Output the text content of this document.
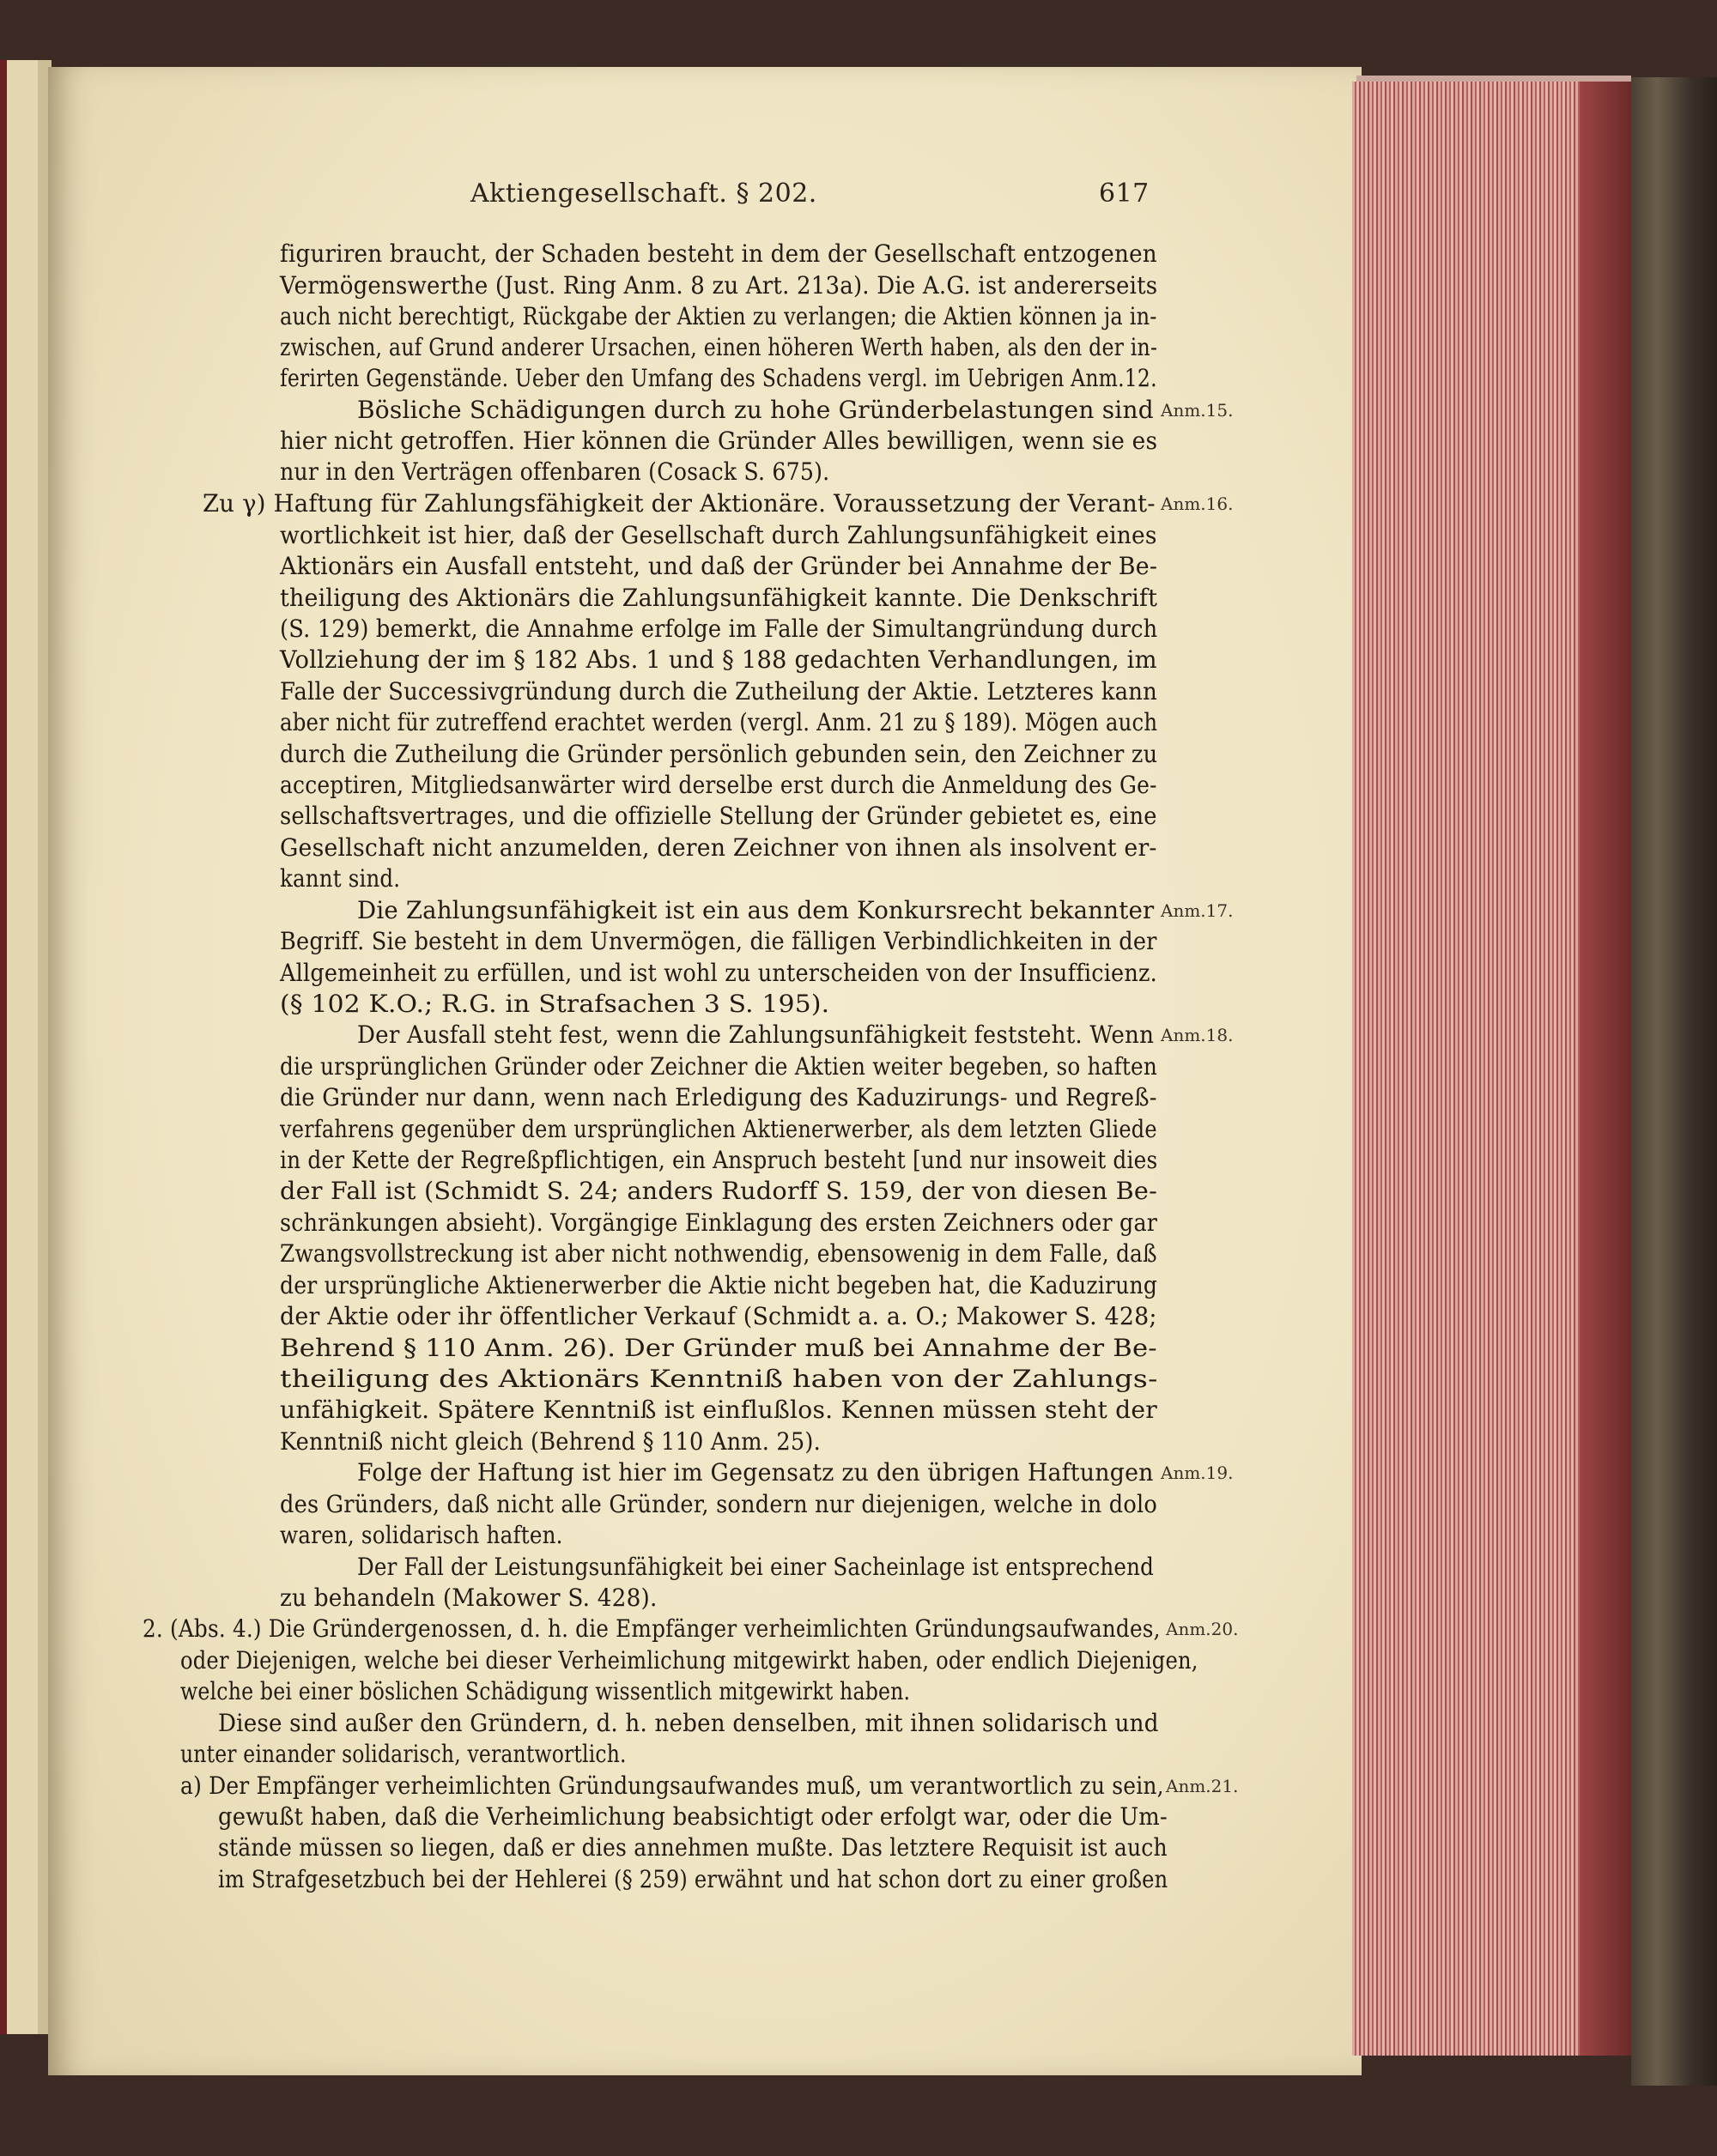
Aktiengesellschaft. § 202.	617
figuriren braucht, der Schaden besteht in dem der Gesellschaft entzogenen
Vermögenswerthe (Just. Ring Anm. 8 zu Art. 213a). Die A.G. ist andererseits
auch nicht berechtigt, Rückgabe der Aktien zu verlangen; die Aktien können ja in-
zwischen, auf Grund anderer Ursachen, einen höheren Werth haben, als den der in-
ferirten Gegenstände. Ueber den Umfang des Schadens vergl. im Uebrigen Anm.12.
Bösliche Schädigungen durch zu hohe Gründerbelastungen sind
hier nicht getroffen. Hier können die Gründer Alles bewilligen, wenn sie es
nur in den Verträgen offenbaren (Cosack S. 675).
Zu γ) Haftung für Zahlungsfähigkeit der Aktionäre. Voraussetzung der Verant-
wortlichkeit ist hier, daß der Gesellschaft durch Zahlungsunfähigkeit eines
Aktionärs ein Ausfall entsteht, und daß der Gründer bei Annahme der Be-
theiligung des Aktionärs die Zahlungsunfähigkeit kannte. Die Denkschrift
(S. 129) bemerkt, die Annahme erfolge im Falle der Simultangründung durch
Vollziehung der im § 182 Abs. 1 und § 188 gedachten Verhandlungen, im
Falle der Successivgründung durch die Zutheilung der Aktie. Letzteres kann
aber nicht für zutreffend erachtet werden (vergl. Anm. 21 zu § 189). Mögen auch
durch die Zutheilung die Gründer persönlich gebunden sein, den Zeichner zu
acceptiren, Mitgliedsanwärter wird derselbe erst durch die Anmeldung des Ge-
sellschaftsvertrages, und die offizielle Stellung der Gründer gebietet es, eine
Gesellschaft nicht anzumelden, deren Zeichner von ihnen als insolvent er-
kannt sind.
Die Zahlungsunfähigkeit ist ein aus dem Konkursrecht bekannter
Begriff. Sie besteht in dem Unvermögen, die fälligen Verbindlichkeiten in der
Allgemeinheit zu erfüllen, und ist wohl zu unterscheiden von der Insufficienz.
(§ 102 K.O.; R.G. in Strafsachen 3 S. 195).
Der Ausfall steht fest, wenn die Zahlungsunfähigkeit feststeht. Wenn
die ursprünglichen Gründer oder Zeichner die Aktien weiter begeben, so haften
die Gründer nur dann, wenn nach Erledigung des Kaduzirungs- und Regreß-
verfahrens gegenüber dem ursprünglichen Aktienerwerber, als dem letzten Gliede
in der Kette der Regreßpflichtigen, ein Anspruch besteht [und nur insoweit dies
der Fall ist (Schmidt S. 24; anders Rudorff S. 159, der von diesen Be-
schränkungen absieht). Vorgängige Einklagung des ersten Zeichners oder gar
Zwangsvollstreckung ist aber nicht nothwendig, ebensowenig in dem Falle, daß
der ursprüngliche Aktienerwerber die Aktie nicht begeben hat, die Kaduzirung
der Aktie oder ihr öffentlicher Verkauf (Schmidt a. a. O.; Makower S. 428;
Behrend § 110 Anm. 26). Der Gründer muß bei Annahme der Be-
theiligung des Aktionärs Kenntniß haben von der Zahlungs-
unfähigkeit. Spätere Kenntniß ist einflußlos. Kennen müssen steht der
Kenntniß nicht gleich (Behrend § 110 Anm. 25).
Folge der Haftung ist hier im Gegensatz zu den übrigen Haftungen
des Gründers, daß nicht alle Gründer, sondern nur diejenigen, welche in dolo
waren, solidarisch haften.
Der Fall der Leistungsunfähigkeit bei einer Sacheinlage ist entsprechend
zu behandeln (Makower S. 428).
2. (Abs. 4.) Die Gründergenossen, d. h. die Empfänger verheimlichten Gründungsaufwandes,
oder Diejenigen, welche bei dieser Verheimlichung mitgewirkt haben, oder endlich Diejenigen,
welche bei einer böslichen Schädigung wissentlich mitgewirkt haben.
Diese sind außer den Gründern, d. h. neben denselben, mit ihnen solidarisch und
unter einander solidarisch, verantwortlich.
a) Der Empfänger verheimlichten Gründungsaufwandes muß, um verantwortlich zu sein,
gewußt haben, daß die Verheimlichung beabsichtigt oder erfolgt war, oder die Um-
stände müssen so liegen, daß er dies annehmen mußte. Das letztere Requisit ist auch
im Strafgesetzbuch bei der Hehlerei (§ 259) erwähnt und hat schon dort zu einer großen
Anm.15.
Anm.16.
Anm.17.
Anm.18.
Anm.19.
Anm.20.
Anm.21.
